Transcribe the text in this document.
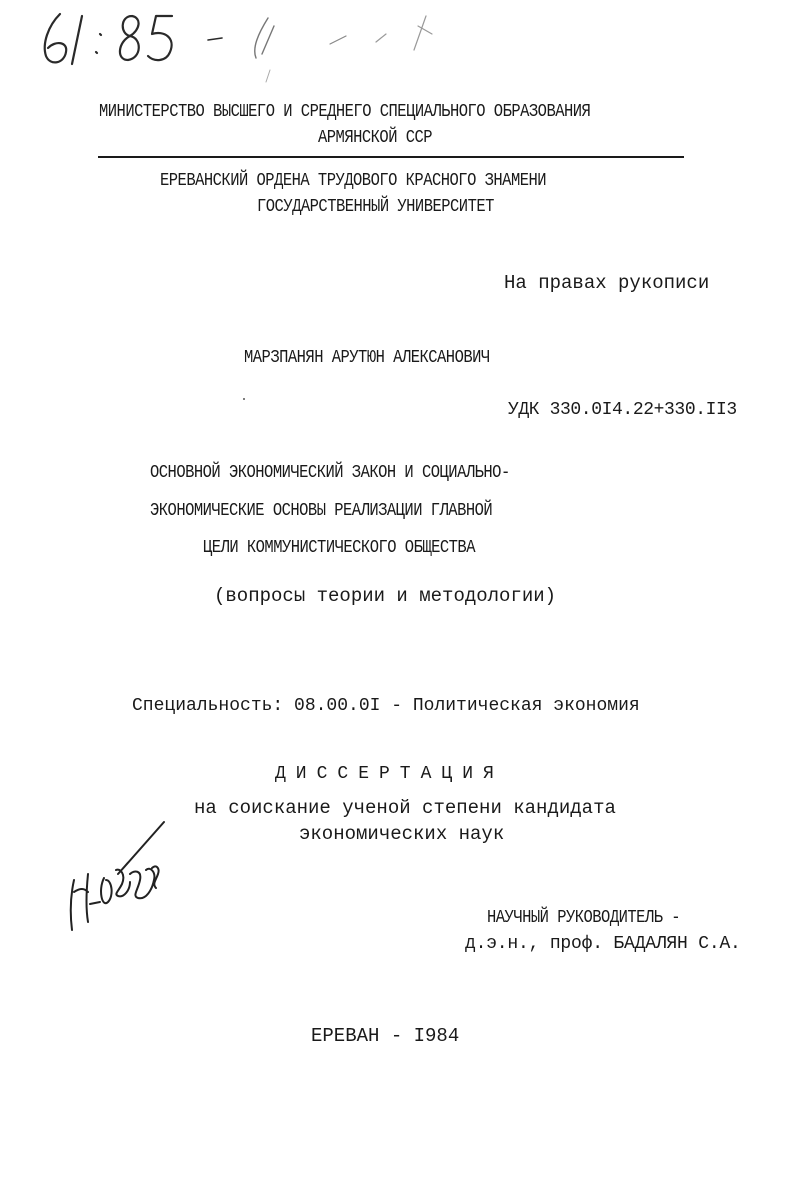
МИНИСТЕРСТВО ВЫСШЕГО И СРЕДНЕГО СПЕЦИАЛЬНОГО ОБРАЗОВАНИЯ
АРМЯНСКОЙ ССР
ЕРЕВАНСКИЙ ОРДЕНА ТРУДОВОГО КРАСНОГО ЗНАМЕНИ
ГОСУДАРСТВЕННЫЙ УНИВЕРСИТЕТ
На правах рукописи
МАРЗПАНЯН АРУТЮН АЛЕКСАНОВИЧ
УДК 330.0I4.22+330.II3
ОСНОВНОЙ ЭКОНОМИЧЕСКИЙ ЗАКОН И СОЦИАЛЬНО-
ЭКОНОМИЧЕСКИЕ ОСНОВЫ РЕАЛИЗАЦИИ ГЛАВНОЙ
ЦЕЛИ КОММУНИСТИЧЕСКОГО ОБЩЕСТВА
(вопросы теории и методологии)
Специальность: 08.00.0I - Политическая экономия
ДИССЕРТАЦИЯ
на соискание ученой степени кандидата
экономических наук
НАУЧНЫЙ РУКОВОДИТЕЛЬ -
д.э.н., проф. БАДАЛЯН С.А.
ЕРЕВАН - I984
